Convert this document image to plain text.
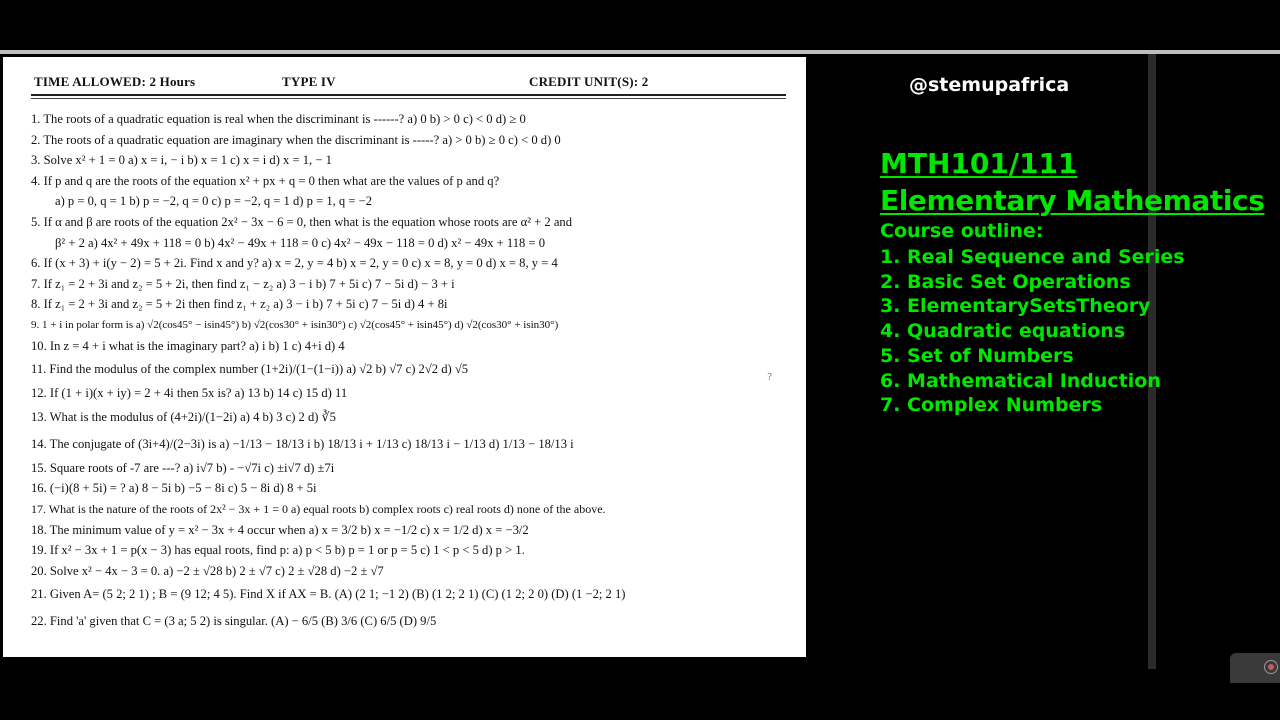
TIME ALLOWED: 2 Hours	TYPE IV	CREDIT UNIT(S): 2
1. The roots of a quadratic equation is real when the discriminant is ------? a) 0 b) > 0 c) < 0 d) ≥ 0
2. The roots of a quadratic equation are imaginary when the discriminant is -----? a) > 0 b) ≥ 0 c) < 0 d) 0
3. Solve x² + 1 = 0 a) x = i, − i b) x = 1 c) x = i d) x = 1, − 1
4. If p and q are the roots of the equation x² + px + q = 0 then what are the values of p and q?
a) p = 0, q = 1 b) p = −2, q = 0 c) p = −2, q = 1 d) p = 1, q = −2
5. If α and β are roots of the equation 2x² − 3x − 6 = 0, then what is the equation whose roots are α² + 2 and
β² + 2 a) 4x² + 49x + 118 = 0 b) 4x² − 49x + 118 = 0 c) 4x² − 49x − 118 = 0 d) x² − 49x + 118 = 0
6. If (x + 3) + i(y − 2) = 5 + 2i. Find x and y? a) x = 2, y = 4 b) x = 2, y = 0 c) x = 8, y = 0 d) x = 8, y = 4
7. If z₁ = 2 + 3i and z₂ = 5 + 2i, then find z₁ − z₂ a) 3 − i b) 7 + 5i c) 7 − 5i d) − 3 + i
8. If z₁ = 2 + 3i and z₂ = 5 + 2i then find z₁ + z₂ a) 3 − i b) 7 + 5i c) 7 − 5i d) 4 + 8i
9. 1 + i in polar form is a) √2(cos45° − isin45°) b) √2(cos30° + isin30°) c) √2(cos45° + isin45°) d) √2(cos30° + isin30°)
10. In z = 4 + i what is the imaginary part? a) i b) 1 c) 4+i d) 4
11. Find the modulus of the complex number (1+2i)/(1−(1−i)) a) √2 b) √7 c) 2√2 d) √5
12. If (1 + i)(x + iy) = 2 + 4i then 5x is? a) 13 b) 14 c) 15 d) 11
13. What is the modulus of (4+2i)/(1−2i) a) 4 b) 3 c) 2 d) ∛5
14. The conjugate of (3i+4)/(2−3i) is a) −1/13 − 18/13 i b) 18/13 i + 1/13 c) 18/13 i − 1/13 d) 1/13 − 18/13 i
15. Square roots of -7 are ---? a) i√7 b) - −√7i c) ±i√7 d) ±7i
16. (−i)(8 + 5i) = ? a) 8 − 5i b) −5 − 8i c) 5 − 8i d) 8 + 5i
17. What is the nature of the roots of 2x² − 3x + 1 = 0 a) equal roots b) complex roots c) real roots d) none of the above.
18. The minimum value of y = x² − 3x + 4 occur when a) x = 3/2 b) x = −1/2 c) x = 1/2 d) x = −3/2
19. If x² − 3x + 1 = p(x − 3) has equal roots, find p: a) p < 5 b) p = 1 or p = 5 c) 1 < p < 5 d) p > 1.
20. Solve x² − 4x − 3 = 0. a) −2 ± √28 b) 2 ± √7 c) 2 ± √28 d) −2 ± √7
21. Given A= (5 2; 2 1) ; B = (9 12; 4 5). Find X if AX = B. (A) (2 1; −1 2) (B) (1 2; 2 1) (C) (1 2; 2 0) (D) (1 −2; 2 1)
22. Find 'a' given that C = (3 a; 5 2) is singular. (A) − 6/5 (B) 3/6 (C) 6/5 (D) 9/5
?
@stemupafrica
MTH101/111
Elementary Mathematics
Course outline:
1. Real Sequence and Series
2. Basic Set Operations
3. ElementarySetsTheory
4. Quadratic equations
5. Set of Numbers
6. Mathematical Induction
7. Complex Numbers
